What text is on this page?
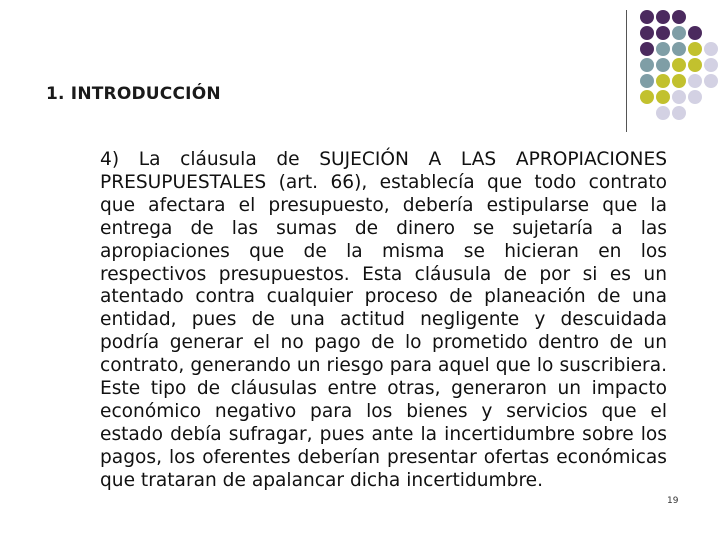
1. INTRODUCCIÓN
4) La cláusula de SUJECIÓN A LAS APROPIACIONES PRESUPUESTALES (art. 66), establecía que todo contrato que afectara el presupuesto, debería estipularse que la entrega de las sumas de dinero se sujetaría a las apropiaciones que de la misma se hicieran en los respectivos presupuestos. Esta cláusula de por si es un atentado contra cualquier proceso de planeación de una entidad, pues de una actitud negligente y descuidada podría generar el no pago de lo prometido dentro de un contrato, generando un riesgo para aquel que lo suscribiera. Este tipo de cláusulas entre otras, generaron un impacto económico negativo para los bienes y servicios que el estado debía sufragar, pues ante la incertidumbre sobre los pagos, los oferentes deberían presentar ofertas económicas que trataran de apalancar dicha incertidumbre.
19
